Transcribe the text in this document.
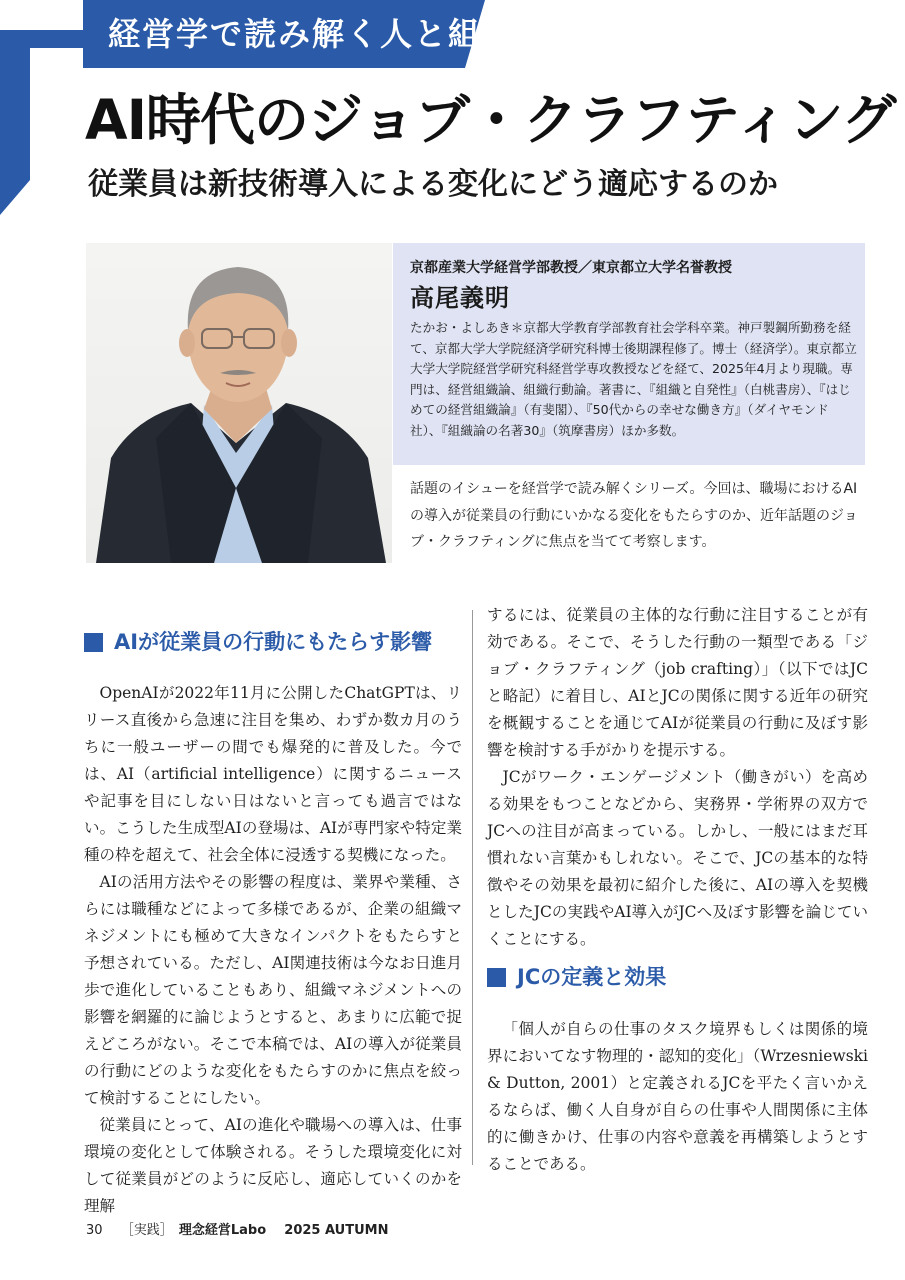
経営学で読み解く人と組織
AI時代のジョブ・クラフティング
従業員は新技術導入による変化にどう適応するのか
京都産業大学経営学部教授／東京都立大学名誉教授
高尾義明
たかお・よしあき＊京都大学教育学部教育社会学科卒業。神戸製鋼所勤務を経て、京都大学大学院経済学研究科博士後期課程修了。博士（経済学）。東京都立大学大学院経営学研究科経営学専攻教授などを経て、2025年4月より現職。専門は、経営組織論、組織行動論。著書に、『組織と自発性』（白桃書房）、『はじめての経営組織論』（有斐閣）、『50代からの幸せな働き方』（ダイヤモンド社）、『組織論の名著30』（筑摩書房）ほか多数。
話題のイシューを経営学で読み解くシリーズ。今回は、職場におけるAIの導入が従業員の行動にいかなる変化をもたらすのか、近年話題のジョブ・クラフティングに焦点を当てて考察します。
AIが従業員の行動にもたらす影響

OpenAIが2022年11月に公開したChatGPTは、リリース直後から急速に注目を集め、わずか数カ月のうちに一般ユーザーの間でも爆発的に普及した。今では、AI（artificial intelligence）に関するニュースや記事を目にしない日はないと言っても過言ではない。こうした生成型AIの登場は、AIが専門家や特定業種の枠を超えて、社会全体に浸透する契機になった。

AIの活用方法やその影響の程度は、業界や業種、さらには職種などによって多様であるが、企業の組織マネジメントにも極めて大きなインパクトをもたらすと予想されている。ただし、AI関連技術は今なお日進月歩で進化していることもあり、組織マネジメントへの影響を網羅的に論じようとすると、あまりに広範で捉えどころがない。そこで本稿では、AIの導入が従業員の行動にどのような変化をもたらすのかに焦点を絞って検討することにしたい。

従業員にとって、AIの進化や職場への導入は、仕事環境の変化として体験される。そうした環境変化に対して従業員がどのように反応し、適応していくのかを理解

するには、従業員の主体的な行動に注目することが有効である。そこで、そうした行動の一類型である「ジョブ・クラフティング（job crafting）」（以下ではJCと略記）に着目し、AIとJCの関係に関する近年の研究を概観することを通じてAIが従業員の行動に及ぼす影響を検討する手がかりを提示する。

JCがワーク・エンゲージメント（働きがい）を高める効果をもつことなどから、実務界・学術界の双方でJCへの注目が高まっている。しかし、一般にはまだ耳慣れない言葉かもしれない。そこで、JCの基本的な特徴やその効果を最初に紹介した後に、AIの導入を契機としたJCの実践やAI導入がJCへ及ぼす影響を論じていくことにする。

JCの定義と効果

「個人が自らの仕事のタスク境界もしくは関係的境界においてなす物理的・認知的変化」（Wrzesniewski & Dutton, 2001）と定義されるJCを平たく言いかえるならば、働く人自身が自らの仕事や人間関係に主体的に働きかけ、仕事の内容や意義を再構築しようとすることである。

30 ［実践］ 理念経営Labo 2025 AUTUMN
